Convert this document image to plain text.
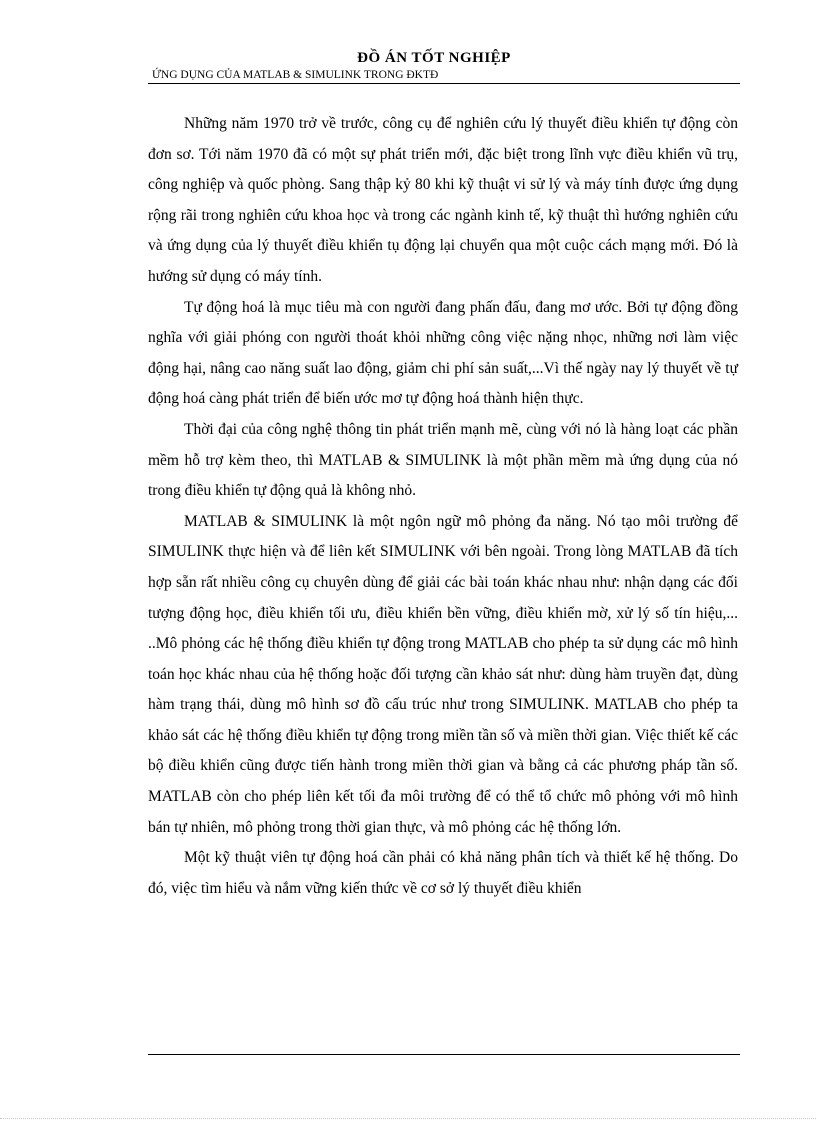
ĐỒ ÁN TỐT NGHIỆP
ỨNG DỤNG CỦA MATLAB & SIMULINK TRONG ĐKTĐ

Những năm 1970 trở về trước, công cụ để nghiên cứu lý thuyết điều khiển tự động còn đơn sơ. Tới năm 1970 đã có một sự phát triển mới, đặc biệt trong lĩnh vực điều khiển vũ trụ, công nghiệp và quốc phòng. Sang thập kỷ 80 khi kỹ thuật vi sử lý và máy tính được ứng dụng rộng rãi trong nghiên cứu khoa học và trong các ngành kinh tế, kỹ thuật thì hướng nghiên cứu và ứng dụng của lý thuyết điều khiển tụ động lại chuyển qua một cuộc cách mạng mới. Đó là hướng sử dụng có máy tính.

Tự động hoá là mục tiêu mà con người đang phấn đấu, đang mơ ước. Bởi tự động đồng nghĩa với giải phóng con người thoát khỏi những công việc nặng nhọc, những nơi làm việc động hại, nâng cao năng suất lao động, giảm chi phí sản suất,...Vì thế ngày nay lý thuyết về tự động hoá càng phát triển để biến ước mơ tự động hoá thành hiện thực.

Thời đại của công nghệ thông tin phát triển mạnh mẽ, cùng với nó là hàng loạt các phần mềm hỗ trợ kèm theo, thì MATLAB & SIMULINK là một phần mềm mà ứng dụng của nó trong điều khiển tự động quả là không nhỏ.

MATLAB & SIMULINK là một ngôn ngữ mô phỏng đa năng. Nó tạo môi trường để SIMULINK thực hiện và để liên kết SIMULINK với bên ngoài. Trong lòng MATLAB đã tích hợp sẵn rất nhiều công cụ chuyên dùng để giải các bài toán khác nhau như: nhận dạng các đối tượng động học, điều khiển tối ưu, điều khiển bền vững, điều khiển mờ, xử lý số tín hiệu,... ..Mô phỏng các hệ thống điều khiển tự động trong MATLAB cho phép ta sử dụng các mô hình toán học khác nhau của hệ thống hoặc đối tượng cần khảo sát như: dùng hàm truyền đạt, dùng hàm trạng thái, dùng mô hình sơ đồ cấu trúc như trong SIMULINK. MATLAB cho phép ta khảo sát các hệ thống điều khiển tự động trong miền tần số và miền thời gian. Việc thiết kế các bộ điều khiển cũng được tiến hành trong miền thời gian và bằng cả các phương pháp tần số. MATLAB còn cho phép liên kết tối đa môi trường để có thể tổ chức mô phỏng với mô hình bán tự nhiên, mô phỏng trong thời gian thực, và mô phỏng các hệ thống lớn.

Một kỹ thuật viên tự động hoá cần phải có khả năng phân tích và thiết kế hệ thống. Do đó, việc tìm hiểu và nắm vững kiến thức về cơ sở lý thuyết điều khiển
